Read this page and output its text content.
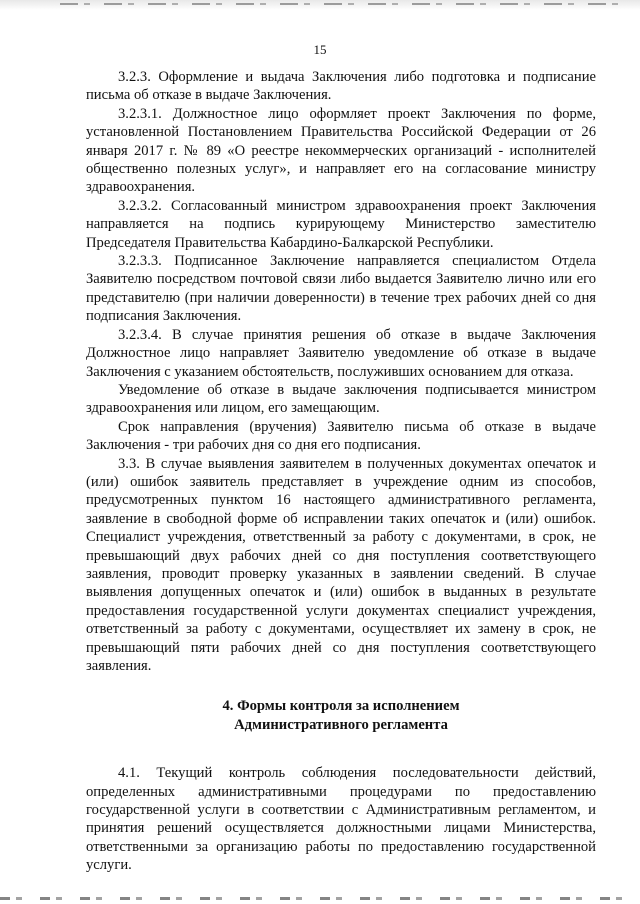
15

3.2.3. Оформление и выдача Заключения либо подготовка и подписание письма об отказе в выдаче Заключения.

3.2.3.1. Должностное лицо оформляет проект Заключения по форме, установленной Постановлением Правительства Российской Федерации от 26 января 2017 г. № 89 «О реестре некоммерческих организаций - исполнителей общественно полезных услуг», и направляет его на согласование министру здравоохранения.

3.2.3.2. Согласованный министром здравоохранения проект Заключения направляется на подпись курирующему Министерство заместителю Председателя Правительства Кабардино-Балкарской Республики.

3.2.3.3. Подписанное Заключение направляется специалистом Отдела Заявителю посредством почтовой связи либо выдается Заявителю лично или его представителю (при наличии доверенности) в течение трех рабочих дней со дня подписания Заключения.

3.2.3.4. В случае принятия решения об отказе в выдаче Заключения Должностное лицо направляет Заявителю уведомление об отказе в выдаче Заключения с указанием обстоятельств, послуживших основанием для отказа.

Уведомление об отказе в выдаче заключения подписывается министром здравоохранения или лицом, его замещающим.

Срок направления (вручения) Заявителю письма об отказе в выдаче Заключения - три рабочих дня со дня его подписания.

3.3. В случае выявления заявителем в полученных документах опечаток и (или) ошибок заявитель представляет в учреждение одним из способов, предусмотренных пунктом 16 настоящего административного регламента, заявление в свободной форме об исправлении таких опечаток и (или) ошибок. Специалист учреждения, ответственный за работу с документами, в срок, не превышающий двух рабочих дней со дня поступления соответствующего заявления, проводит проверку указанных в заявлении сведений. В случае выявления допущенных опечаток и (или) ошибок в выданных в результате предоставления государственной услуги документах специалист учреждения, ответственный за работу с документами, осуществляет их замену в срок, не превышающий пяти рабочих дней со дня поступления соответствующего заявления.

4. Формы контроля за исполнением
Административного регламента

4.1. Текущий контроль соблюдения последовательности действий, определенных административными процедурами по предоставлению государственной услуги в соответствии с Административным регламентом, и принятия решений осуществляется должностными лицами Министерства, ответственными за организацию работы по предоставлению государственной услуги.
